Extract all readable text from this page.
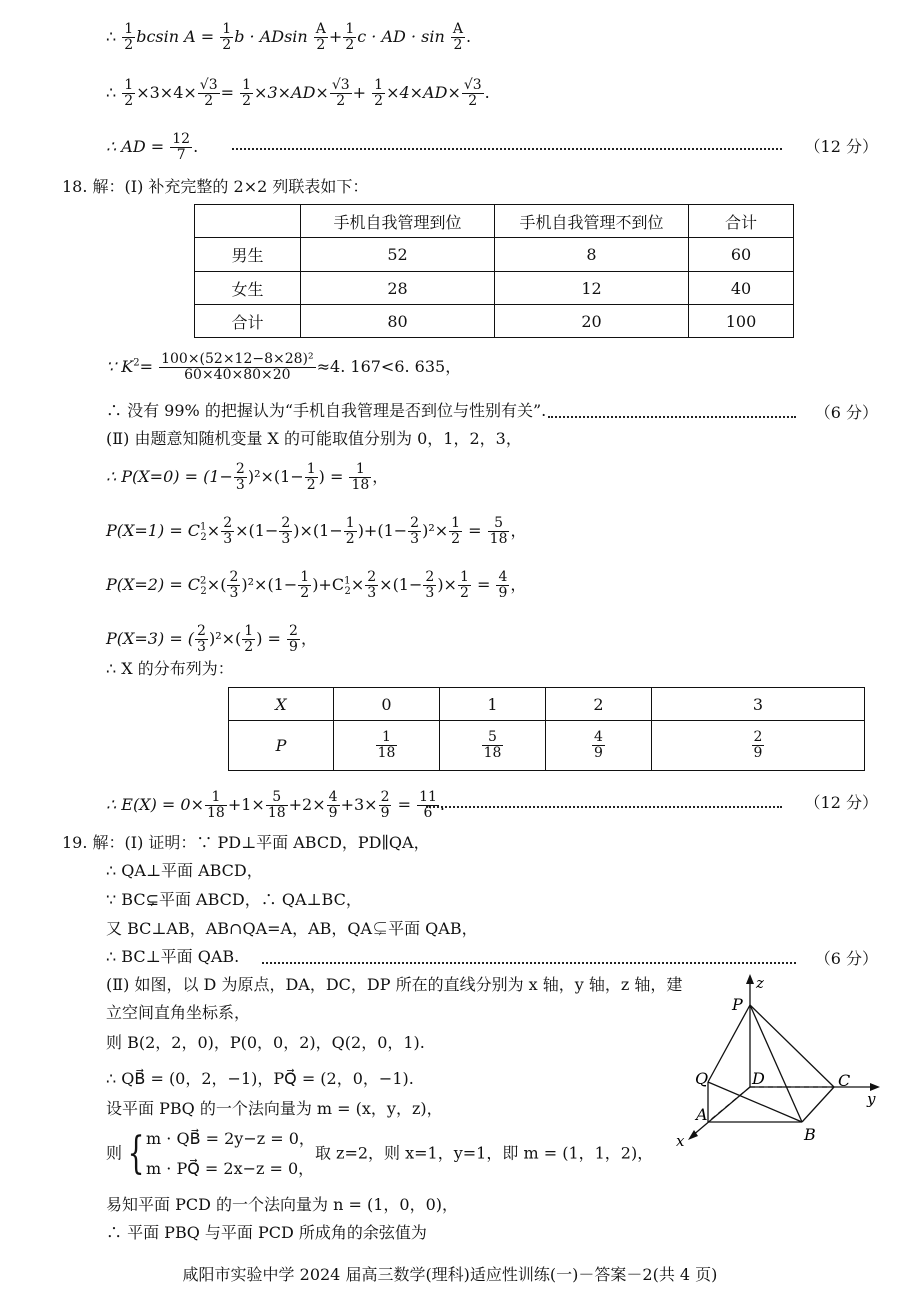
∴ $\frac{1}{2}$ bcsin $A = \frac{1}{2}$ b · ADsin $\frac{A}{2} + \frac{1}{2}$ c · AD · $\sin \frac{A}{2}$ .
∴ $\frac{1}{2} \times 3\times 4\times \frac{√3}{2} = \frac{1}{2} \times 3\times AD\times \frac{√3}{2} + \frac{1}{2} \times 4\times AD\times \frac{√3}{2}$ .
∴ AD = $\frac{12}{7}$ .	（12 分）
18. 解：(Ⅰ) 补充完整的 2×2 列联表如下：
	手机自我管理到位	手机自我管理不到位	合计
男生	52	8	60
女生	28	12	40
合计	80	20	100
∵ $K^2= \frac{\text{100×(52×12−8×28)²}}{60\times 40\times 80\times 20} \approx 4$. 167<6. 635，
∴ 没有 99% 的把握认为“手机自我管理是否到位与性别有关”.	（6 分）
(Ⅱ) 由题意知随机变量 X 的可能取值分别为 0，1，2，3，
∴ $P(X=0) = (1- \frac{2}{3} )^2\times(1- \frac{1}{2}$ ) = $\frac{1}{18}$ ，
$P(X=1) = C^1_2\times \frac{2}{3} \times(1- \frac{2}{3} )\times(1- \frac{1}{2} )+(1- \frac{2}{3} )^2\times \frac{1}{2} = \frac{5}{18}$ ，
$P(X=2) = C^2_2\times( \frac{2}{3} )^2\times(1- \frac{1}{2} )+C^1_2\times \frac{2}{3} \times(1- \frac{2}{3}$ )× $\frac{1}{2} = \frac{4}{9}$ ，
P(X=3) = ( $\frac{2}{3} )^2\times( \frac{1}{2}$ ) = $\frac{2}{9}$ ，
∴ X 的分布列为：
X	0	1	2	3
P	$\frac{1}{18}$	$\frac{5}{18}$	$\frac{4}{9}$	$\frac{2}{9}$
∴ $E(X) = 0\times \frac{1}{18} +1\times \frac{5}{18} +2\times \frac{4}{9} +3\times \frac{2}{9} = \frac{11}{6}$ .	（12 分）
19. 解：(Ⅰ) 证明：∵ PD⊥平面 ABCD，PD∥QA，
∴ QA⊥平面 ABCD，
∵ BC⊊平面 ABCD，∴ QA⊥BC，
又 BC⊥AB，AB∩QA=A，AB，QA⊊平面 QAB，
∴ BC⊥平面 QAB.	（6 分）
(Ⅱ) 如图，以 D 为原点，DA，DC，DP 所在的直线分别为 x 轴，y 轴，z 轴，建
立空间直角坐标系，
则 B(2，2，0)，P(0，0，2)，Q(2，0，1).
∴ QB⃗ = (0，2，−1)，PQ⃗ = (2，0，−1).
设平面 PBQ 的一个法向量为 m = (x，y，z)，
则 { m · QB⃗ = 2y−z = 0，
m · PQ⃗ = 2x−z = 0，取 z=2，则 x=1，y=1，即 m = (1，1，2)，
易知平面 PCD 的一个法向量为 n = (1，0，0)，
∴ 平面 PBQ 与平面 PCD 所成角的余弦值为
z
P
Q	D	C
y
A
B
x
咸阳市实验中学 2024 届高三数学(理科)适应性训练(一)－答案－2(共 4 页)
